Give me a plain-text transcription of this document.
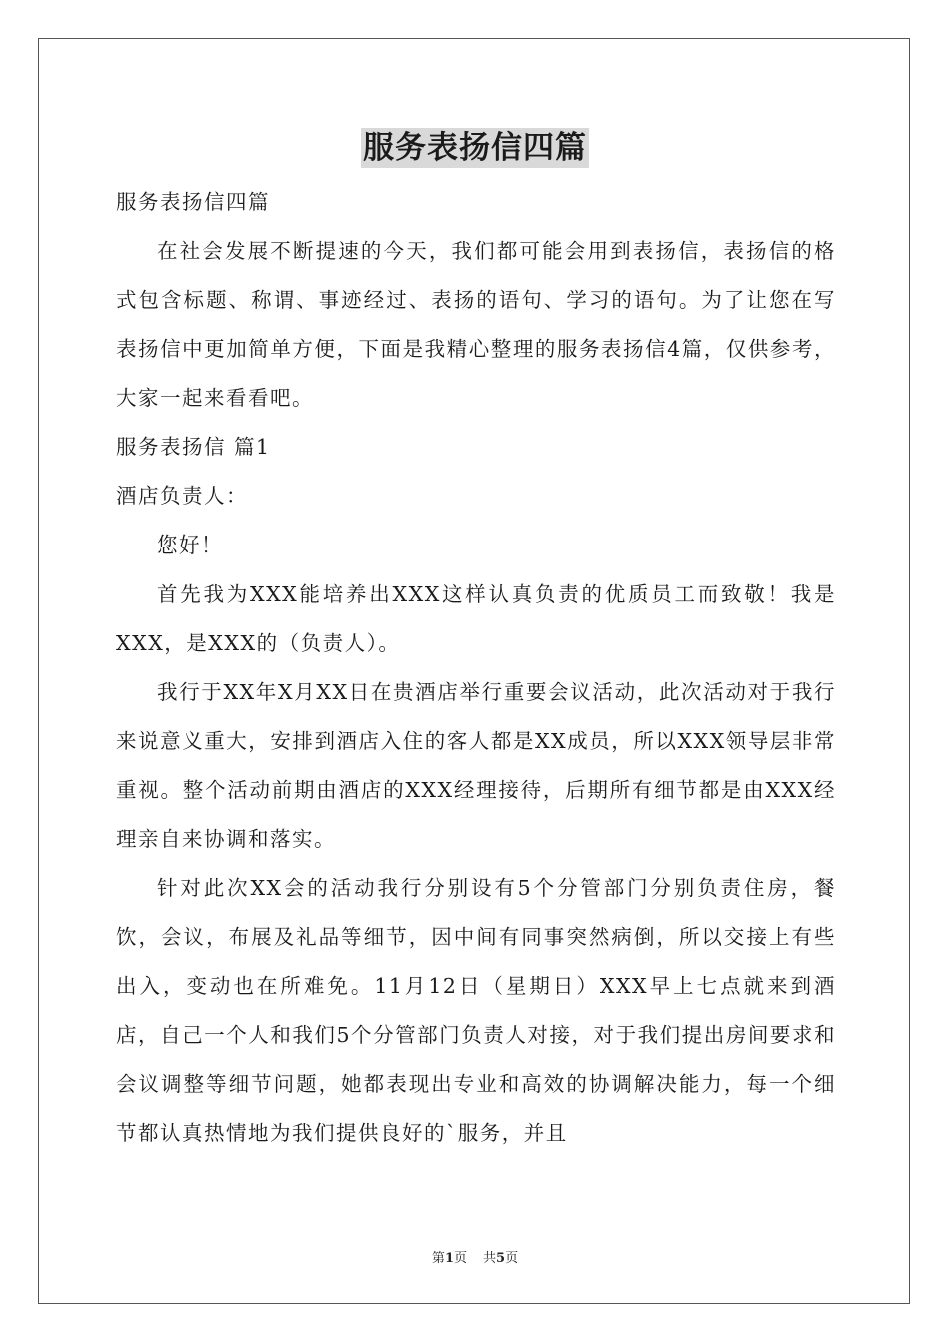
服务表扬信四篇

服务表扬信四篇

在社会发展不断提速的今天，我们都可能会用到表扬信，表扬信的格式包含标题、称谓、事迹经过、表扬的语句、学习的语句。为了让您在写表扬信中更加简单方便，下面是我精心整理的服务表扬信4篇，仅供参考，大家一起来看看吧。

服务表扬信 篇1

酒店负责人：

您好！

首先我为XXX能培养出XXX这样认真负责的优质员工而致敬！我是XXX，是XXX的（负责人）。

我行于XX年X月XX日在贵酒店举行重要会议活动，此次活动对于我行来说意义重大，安排到酒店入住的客人都是XX成员，所以XXX领导层非常重视。整个活动前期由酒店的XXX经理接待，后期所有细节都是由XXX经理亲自来协调和落实。

针对此次XX会的活动我行分别设有5个分管部门分别负责住房，餐饮，会议，布展及礼品等细节，因中间有同事突然病倒，所以交接上有些出入，变动也在所难免。11月12日（星期日）XXX早上七点就来到酒店，自己一个人和我们5个分管部门负责人对接，对于我们提出房间要求和会议调整等细节问题，她都表现出专业和高效的协调解决能力，每一个细节都认真热情地为我们提供良好的`服务，并且

第1页 共5页
